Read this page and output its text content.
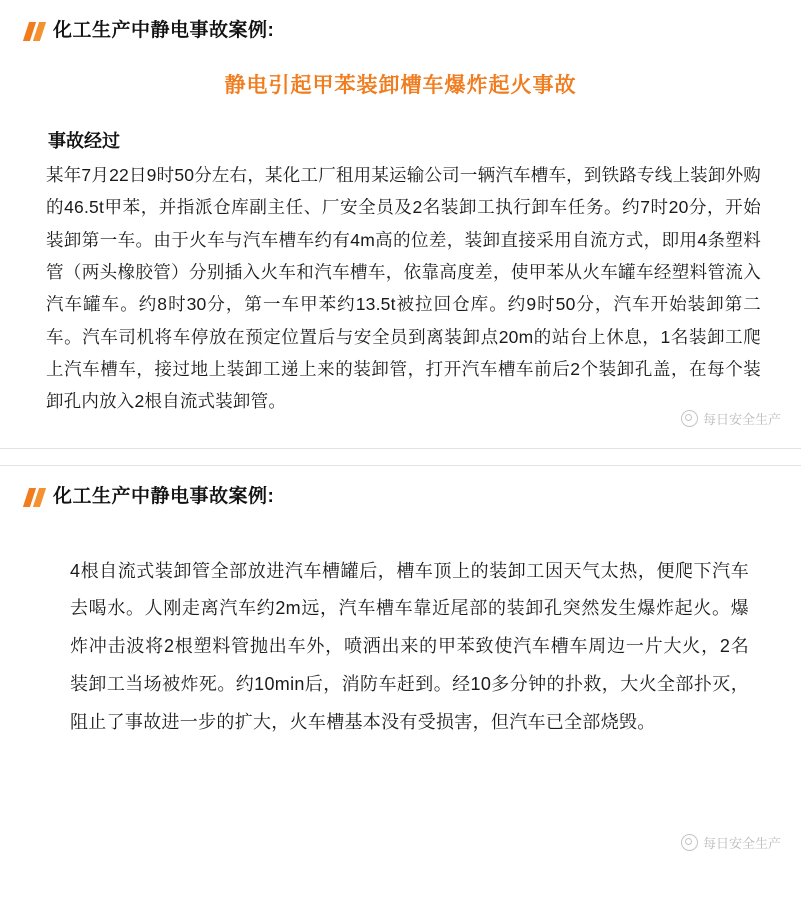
化工生产中静电事故案例:
静电引起甲苯装卸槽车爆炸起火事故
事故经过
某年7月22日9时50分左右，某化工厂租用某运输公司一辆汽车槽车，到铁路专线上装卸外购的46.5t甲苯，并指派仓库副主任、厂安全员及2名装卸工执行卸车任务。约7时20分，开始装卸第一车。由于火车与汽车槽车约有4m高的位差，装卸直接采用自流方式，即用4条塑料管（两头橡胶管）分别插入火车和汽车槽车，依靠高度差，使甲苯从火车罐车经塑料管流入汽车罐车。约8时30分，第一车甲苯约13.5t被拉回仓库。约9时50分，汽车开始装卸第二车。汽车司机将车停放在预定位置后与安全员到离装卸点20m的站台上休息，1名装卸工爬上汽车槽车，接过地上装卸工递上来的装卸管，打开汽车槽车前后2个装卸孔盖，在每个装卸孔内放入2根自流式装卸管。
每日安全生产
化工生产中静电事故案例:
4根自流式装卸管全部放进汽车槽罐后，槽车顶上的装卸工因天气太热，便爬下汽车去喝水。人刚走离汽车约2m远，汽车槽车靠近尾部的装卸孔突然发生爆炸起火。爆炸冲击波将2根塑料管抛出车外，喷洒出来的甲苯致使汽车槽车周边一片大火，2名装卸工当场被炸死。约10min后，消防车赶到。经10多分钟的扑救，大火全部扑灭，阻止了事故进一步的扩大，火车槽基本没有受损害，但汽车已全部烧毁。
每日安全生产
